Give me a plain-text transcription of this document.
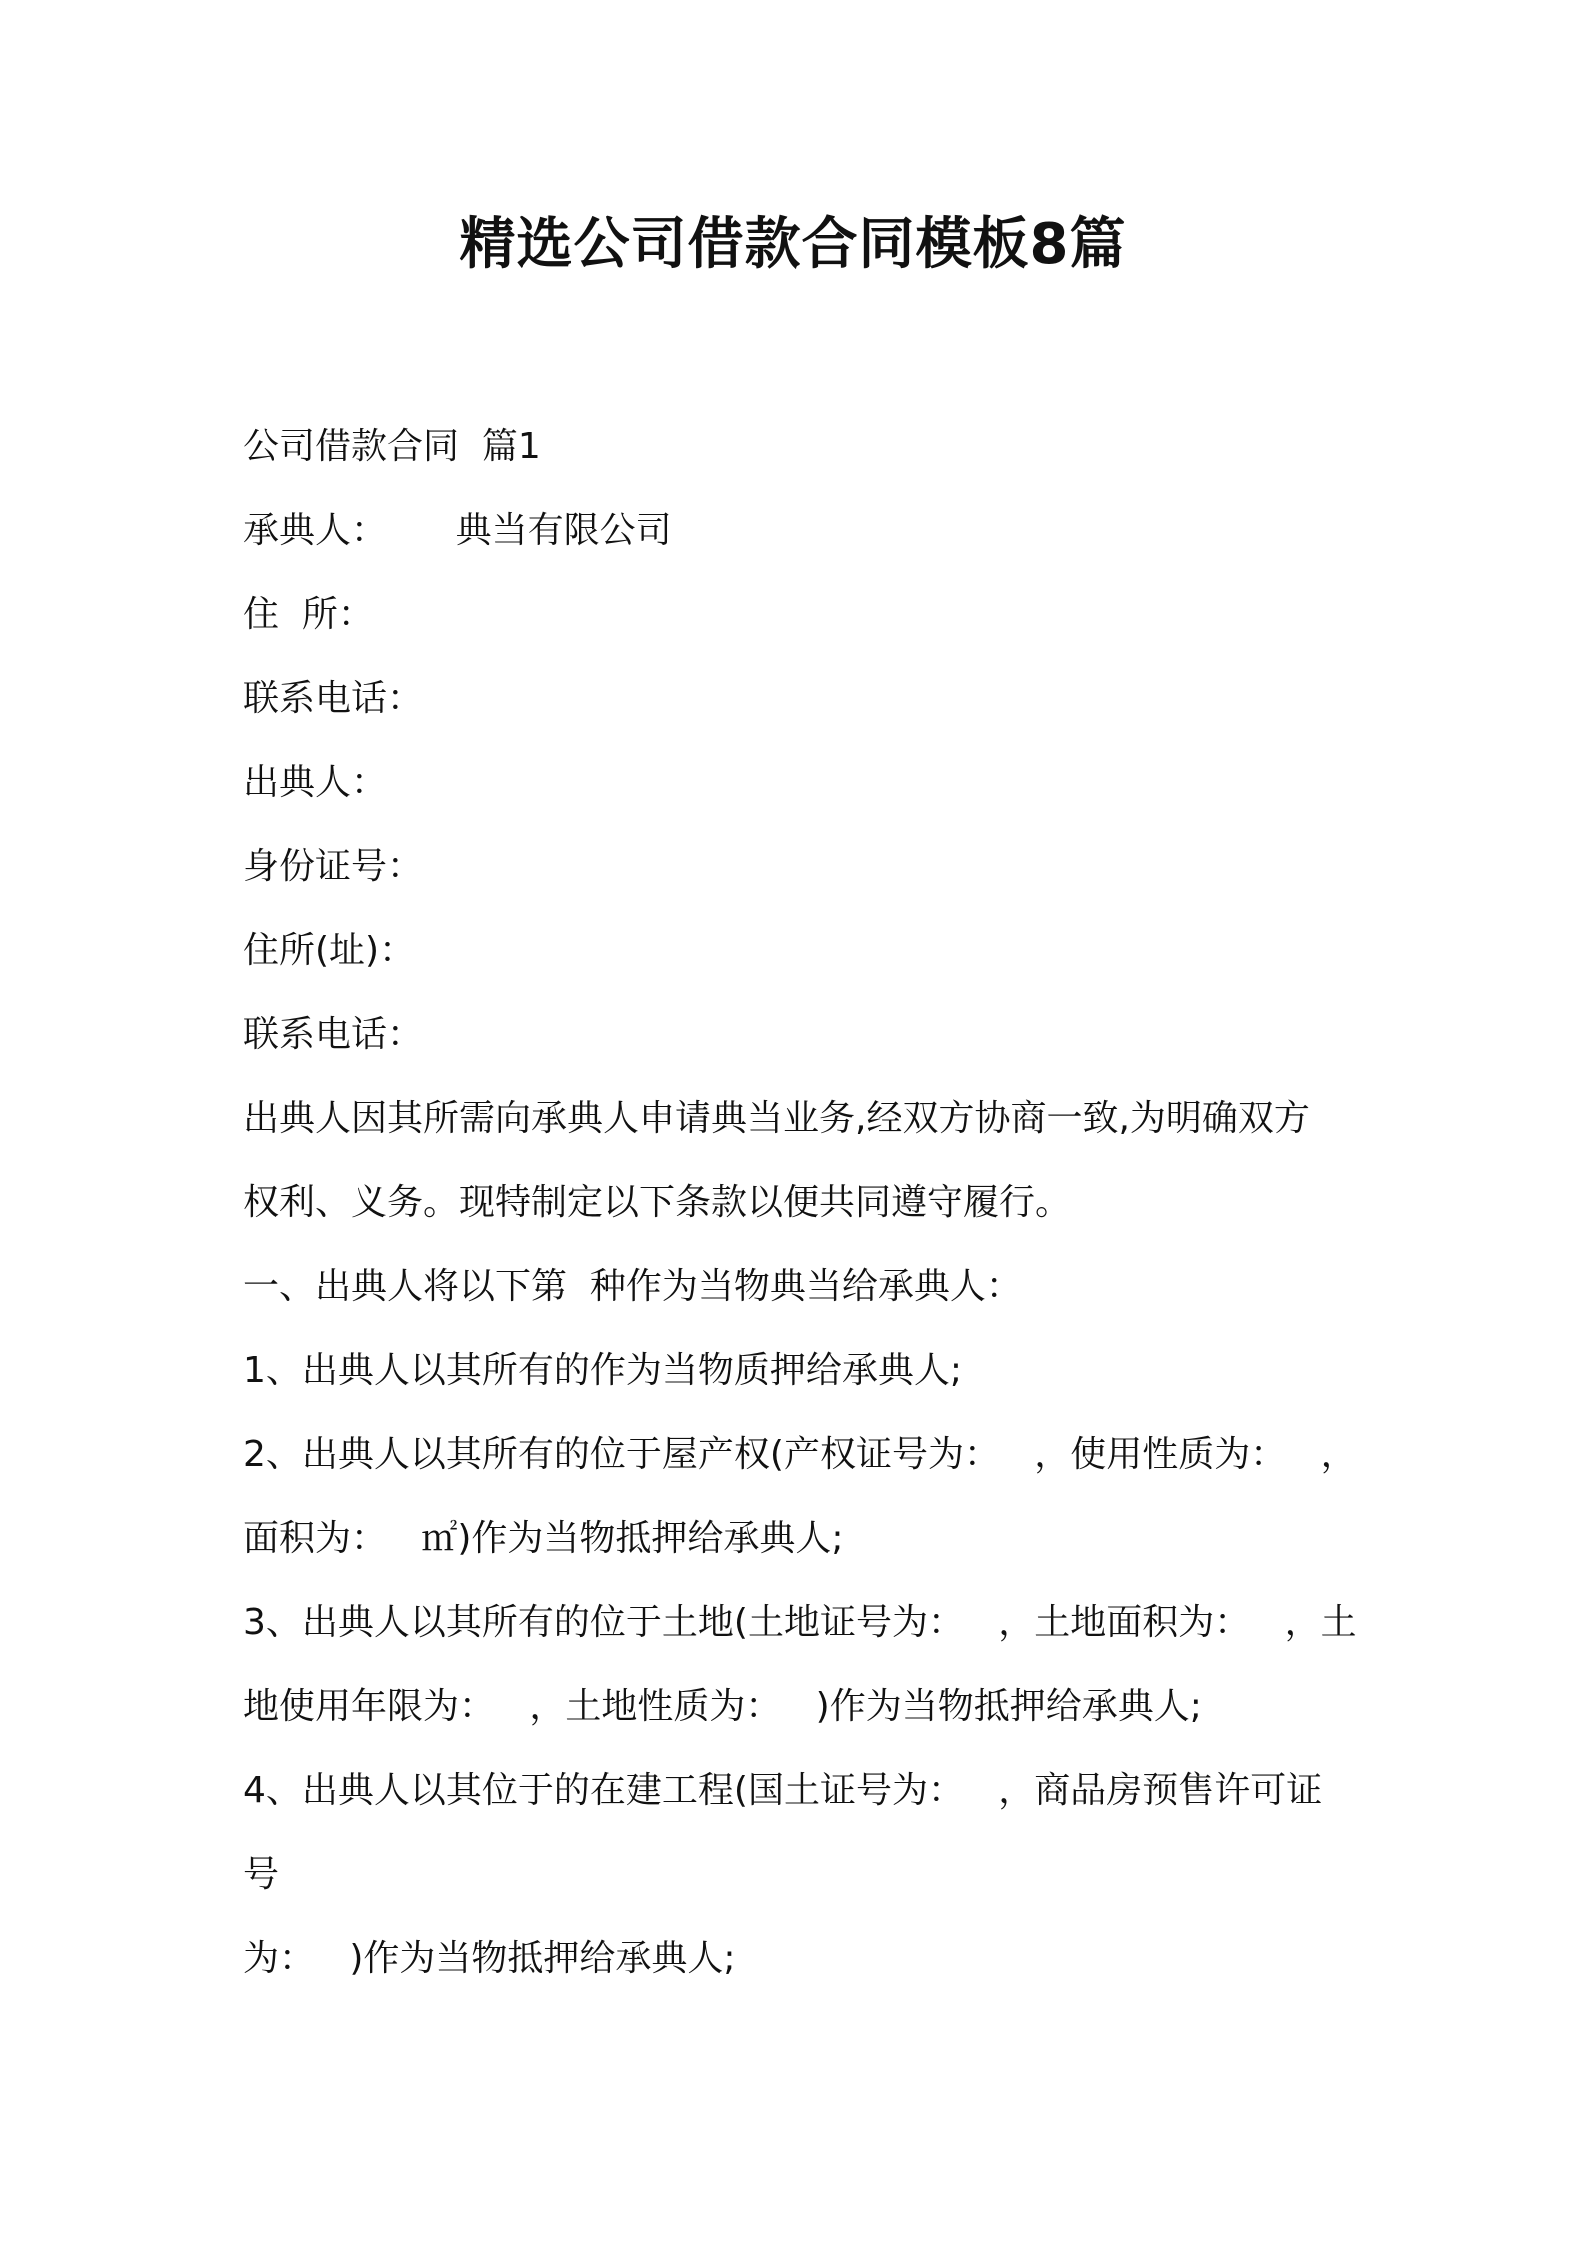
精选公司借款合同模板8篇

公司借款合同  篇1

承典人：      典当有限公司

住  所：

联系电话：

出典人：

身份证号：

住所(址)：

联系电话：

出典人因其所需向承典人申请典当业务,经双方协商一致,为明确双方

权利、义务。现特制定以下条款以便共同遵守履行。

一、出典人将以下第  种作为当物典当给承典人：

1、出典人以其所有的作为当物质押给承典人;

2、出典人以其所有的位于屋产权(产权证号为：   ，使用性质为：   ，

面积为：   ㎡)作为当物抵押给承典人;

3、出典人以其所有的位于土地(土地证号为：   ，土地面积为：   ，土

地使用年限为：   ，土地性质为：   )作为当物抵押给承典人;

4、出典人以其位于的在建工程(国土证号为：   ，商品房预售许可证

号

为：   )作为当物抵押给承典人;
